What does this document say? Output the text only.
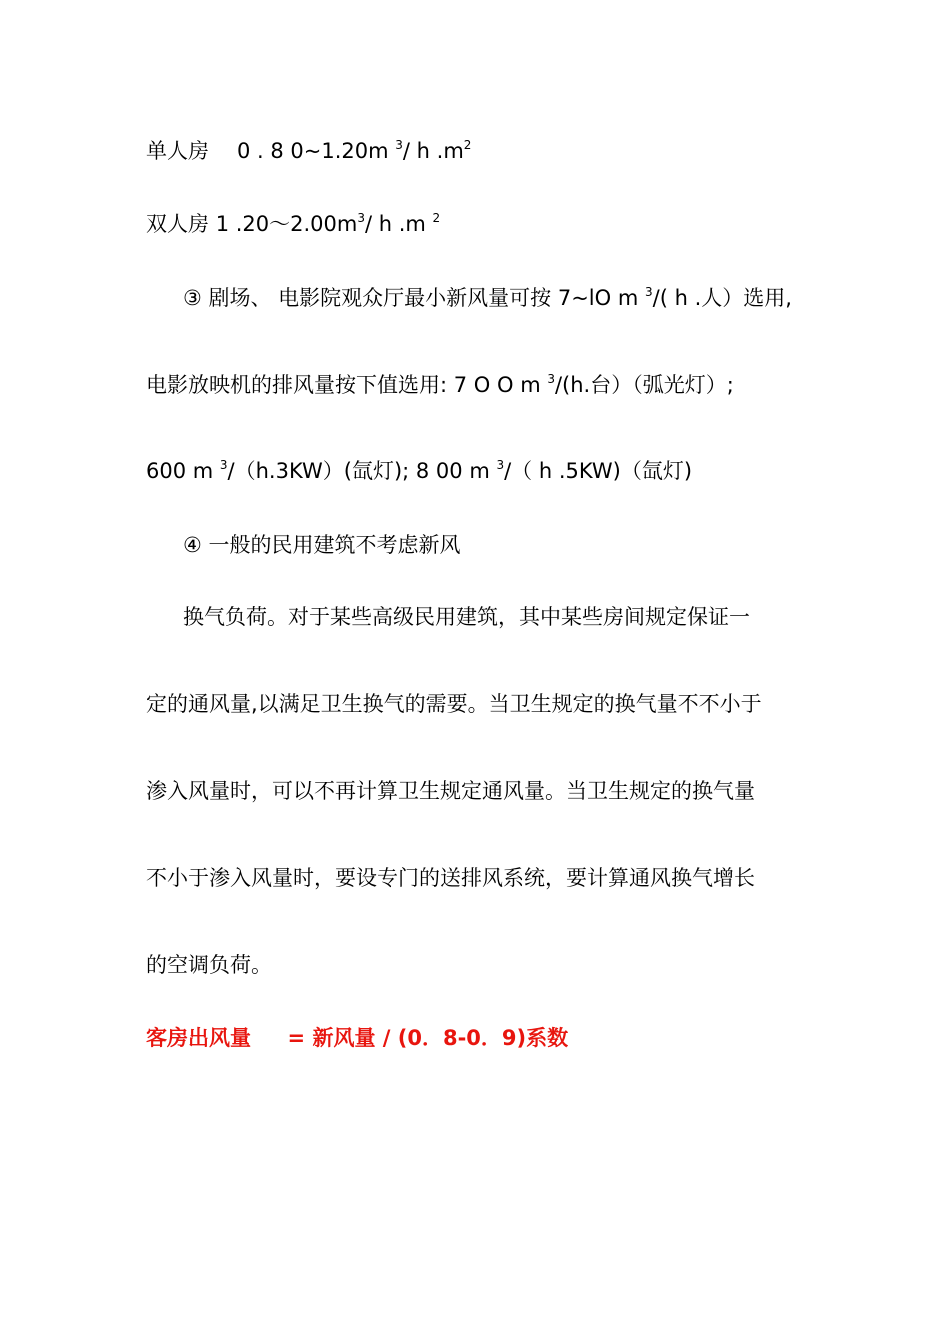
单人房 0 . 8 0~1.20m $^3$/ h $.m^2$
双人房 1 $.20\sim 2.00m^3/$ h .m $^2$
③ 剧场、 电影院观众厅最小新风量可按 7~lO m $^3$/( h .人）选用,
电影放映机的排风量按下值选用: 7 O O m $^3$/(h.台）（弧光灯）;
600 m $^3$/（h.3KW）(氙灯); 8 00 m $^3$/（ h .5KW)（氙灯)
④ 一般的民用建筑不考虑新风
换气负荷。对于某些高级民用建筑，其中某些房间规定保证一
定的通风量,以满足卫生换气的需要。当卫生规定的换气量不不小于
渗入风量时，可以不再计算卫生规定通风量。当卫生规定的换气量
不小于渗入风量时，要设专门的送排风系统，要计算通风换气增长
的空调负荷。
客房出风量     = 新风量 / (0．8-0．9)系数
